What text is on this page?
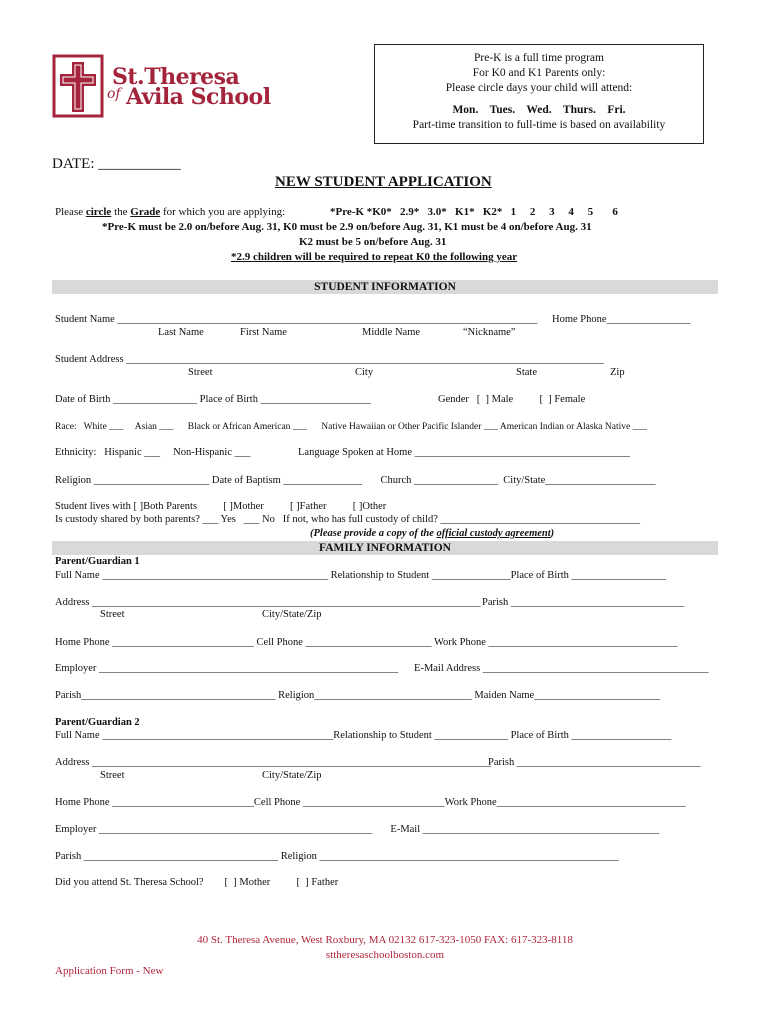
St.Theresa
of Avila School
Pre-K is a full time program
For K0 and K1 Parents only:
Please circle days your child will attend:
Mon.    Tues.    Wed.    Thurs.    Fri.
Part-time transition to full-time is based on availability
DATE: ___________
NEW STUDENT APPLICATION
Please circle the Grade for which you are applying:	*Pre-K *K0*   2.9*   3.0*   K1*   K2*   1     2     3     4     5       6
*Pre-K must be 2.0 on/before Aug. 31, K0 must be 2.9 on/before Aug. 31, K1 must be 4 on/before Aug. 31
K2 must be 5 on/before Aug. 31
*2.9 children will be required to repeat K0 the following year
STUDENT INFORMATION
Student Name ________________________________________________________________________________ Home Phone________________
Last Name	First Name	Middle Name	“Nickname”
Student Address ___________________________________________________________________________________________
Street	City	State	Zip
Date of Birth ________________ Place of Birth _____________________	Gender   [  ] Male          [  ] Female
Race:   White ___     Asian ___      Black or African American ___      Native Hawaiian or Other Pacific Islander ___ American Indian or Alaska Native ___
Ethnicity:   Hispanic ___     Non-Hispanic ___	Language Spoken at Home _________________________________________
Religion ______________________ Date of Baptism _______________       Church ________________  City/State_____________________
Student lives with [ ]Both Parents          [ ]Mother          [ ]Father          [ ]Other
Is custody shared by both parents? ___ Yes   ___ No   If not, who has full custody of child? ______________________________________
(Please provide a copy of the official custody agreement)
FAMILY INFORMATION
Parent/Guardian 1
Full Name ___________________________________________ Relationship to Student _______________Place of Birth __________________
Address __________________________________________________________________________ Parish _________________________________
Street	City/State/Zip
Home Phone ___________________________ Cell Phone ________________________ Work Phone ____________________________________
Employer _________________________________________________________      E-Mail Address ___________________________________________
Parish_____________________________________ Religion______________________________ Maiden Name________________________
Parent/Guardian 2
Full Name ____________________________________________Relationship to Student ______________ Place of Birth ___________________
Address ____________________________________________________________________________
Parish ___________________________________
Street	City/State/Zip
Home Phone ___________________________Cell Phone ___________________________Work Phone____________________________________
Employer ____________________________________________________       E-Mail _____________________________________________
Parish _____________________________________ Religion _________________________________________________________
Did you attend St. Theresa School?        [  ] Mother          [  ] Father
40 St. Theresa Avenue, West Roxbury, MA 02132 617-323-1050 FAX: 617-323-8118
sttheresaschoolboston.com
Application Form - New
